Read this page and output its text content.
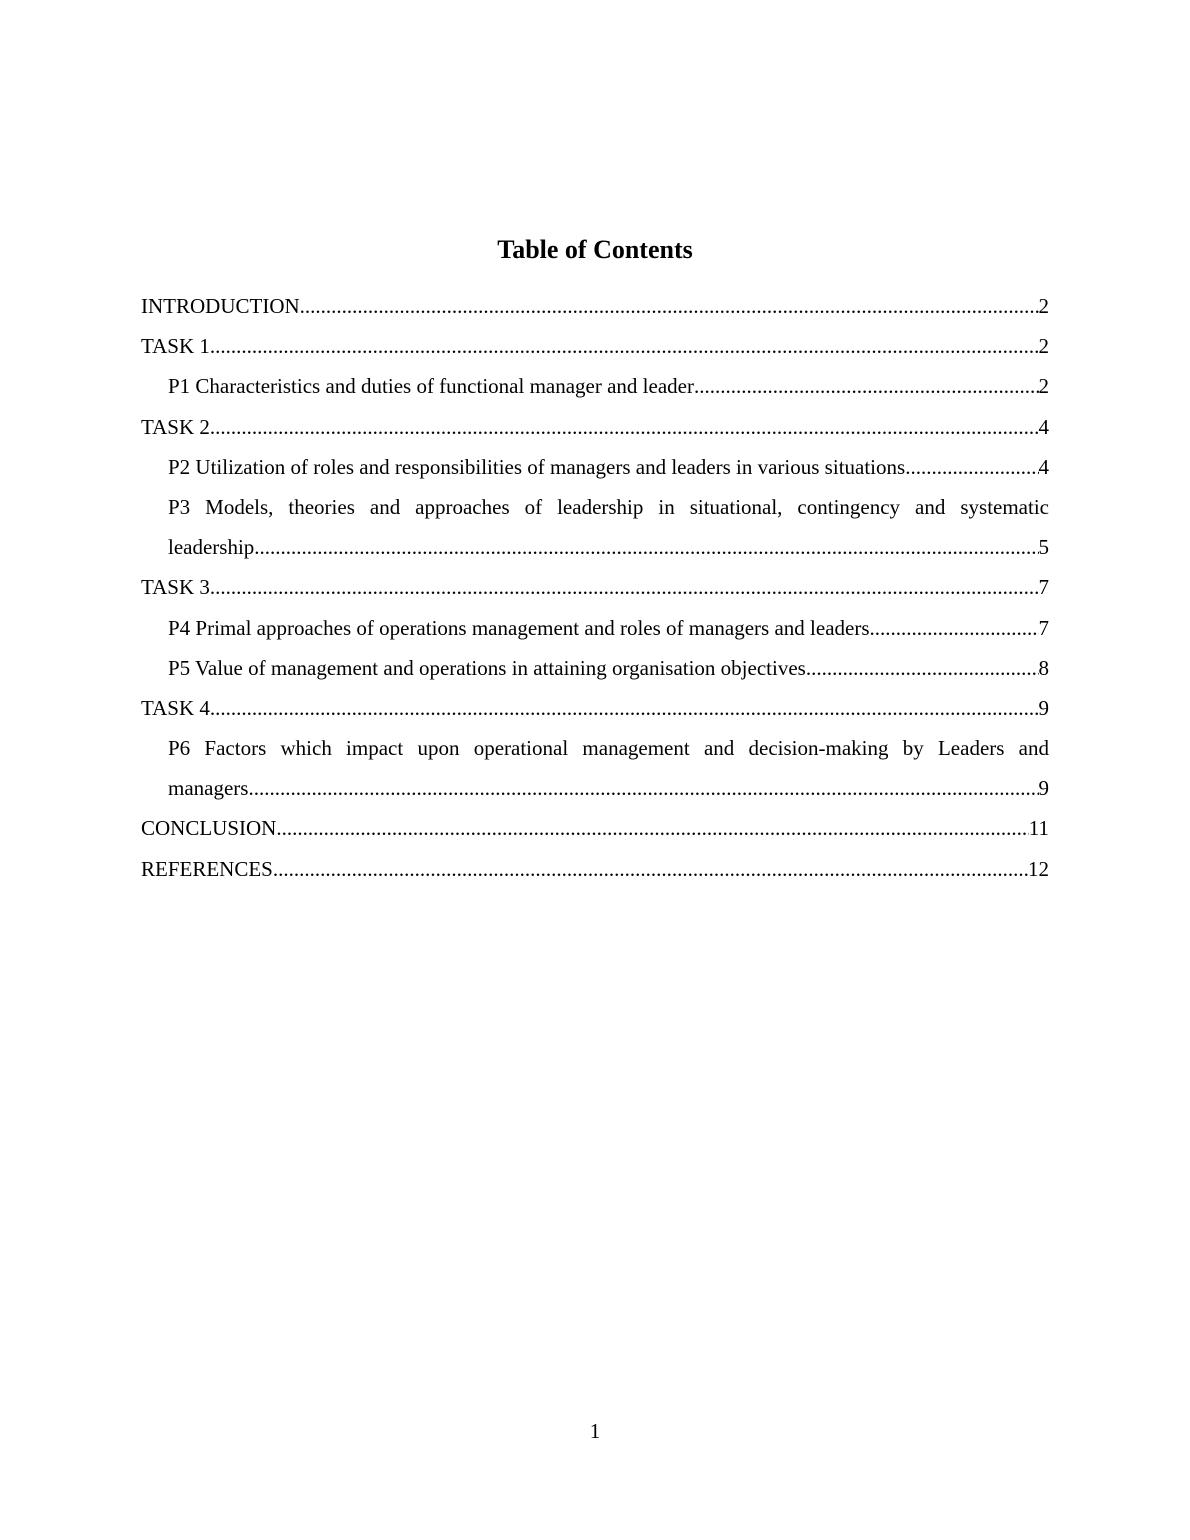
Table of Contents
INTRODUCTION .....	2
TASK 1 .....	2
P1 Characteristics and duties of functional manager and leader .....	2
TASK 2 .....	4
P2 Utilization of roles and responsibilities of managers and leaders in various situations .....	4
P3 Models, theories and approaches of leadership in situational, contingency and systematic
leadership .....	5
TASK 3 .....	7
P4 Primal approaches of operations management and roles of managers and leaders .....	7
P5 Value of management and operations in attaining organisation objectives .....	8
TASK 4 .....	9
P6 Factors which impact upon operational management and decision-making by Leaders and
managers .....	9
CONCLUSION .....	11
REFERENCES .....	12
1
